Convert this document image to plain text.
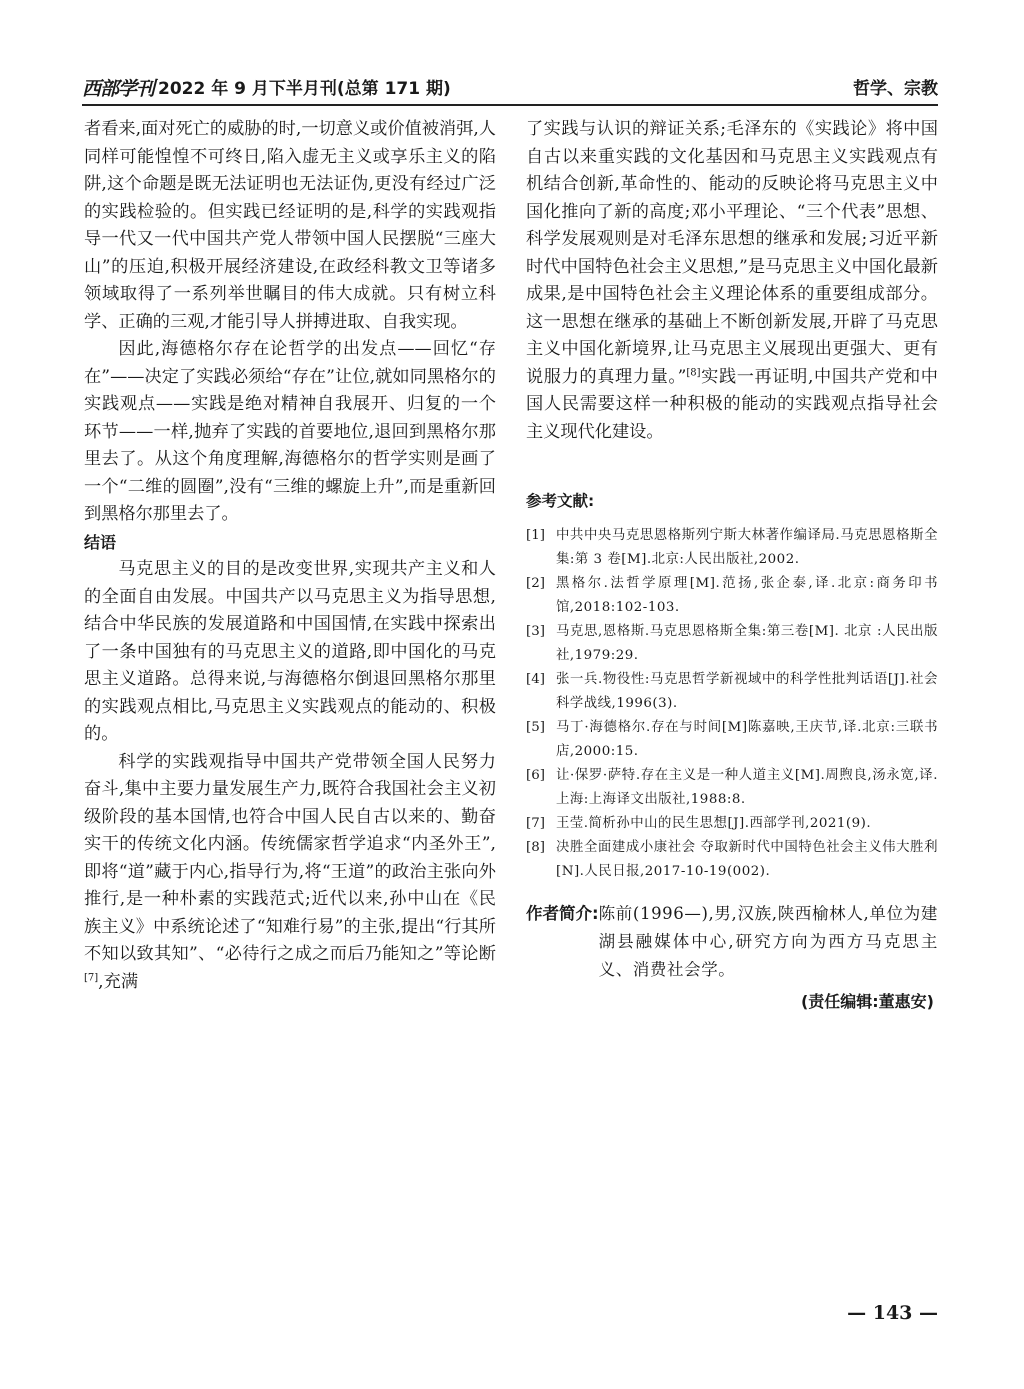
西部学刊 2022 年 9 月下半月刊(总第 171 期)	哲学、宗教

者看来,面对死亡的威胁的时,一切意义或价值被消弭,人同样可能惶惶不可终日,陷入虚无主义或享乐主义的陷阱,这个命题是既无法证明也无法证伪,更没有经过广泛的实践检验的。但实践已经证明的是,科学的实践观指导一代又一代中国共产党人带领中国人民摆脱“三座大山”的压迫,积极开展经济建设,在政经科教文卫等诸多领域取得了一系列举世瞩目的伟大成就。只有树立科学、正确的三观,才能引导人拼搏进取、自我实现。

因此,海德格尔存在论哲学的出发点——回忆“存在”——决定了实践必须给“存在”让位,就如同黑格尔的实践观点——实践是绝对精神自我展开、归复的一个环节——一样,抛弃了实践的首要地位,退回到黑格尔那里去了。从这个角度理解,海德格尔的哲学实则是画了一个“二维的圆圈”,没有“三维的螺旋上升”,而是重新回到黑格尔那里去了。

结语

马克思主义的目的是改变世界,实现共产主义和人的全面自由发展。中国共产以马克思主义为指导思想,结合中华民族的发展道路和中国国情,在实践中探索出了一条中国独有的马克思主义的道路,即中国化的马克思主义道路。总得来说,与海德格尔倒退回黑格尔那里的实践观点相比,马克思主义实践观点的能动的、积极的。

科学的实践观指导中国共产党带领全国人民努力奋斗,集中主要力量发展生产力,既符合我国社会主义初级阶段的基本国情,也符合中国人民自古以来的、勤奋实干的传统文化内涵。传统儒家哲学追求“内圣外王”,即将“道”藏于内心,指导行为,将“王道”的政治主张向外推行,是一种朴素的实践范式;近代以来,孙中山在《民族主义》中系统论述了“知难行易”的主张,提出“行其所不知以致其知”、“必待行之成之而后乃能知之”等论断[7],充满

了实践与认识的辩证关系;毛泽东的《实践论》将中国自古以来重实践的文化基因和马克思主义实践观点有机结合创新,革命性的、能动的反映论将马克思主义中国化推向了新的高度;邓小平理论、“三个代表”思想、科学发展观则是对毛泽东思想的继承和发展;习近平新时代中国特色社会主义思想,”是马克思主义中国化最新成果,是中国特色社会主义理论体系的重要组成部分。这一思想在继承的基础上不断创新发展,开辟了马克思主义中国化新境界,让马克思主义展现出更强大、更有说服力的真理力量。”[8]实践一再证明,中国共产党和中国人民需要这样一种积极的能动的实践观点指导社会主义现代化建设。

参考文献:
[1] 中共中央马克思恩格斯列宁斯大林著作编译局.马克思恩格斯全集:第 3 卷[M].北京:人民出版社,2002.
[2] 黑格尔.法哲学原理[M].范扬,张企泰,译.北京:商务印书馆,2018:102-103.
[3] 马克思,恩格斯.马克思恩格斯全集:第三卷[M]. 北京 :人民出版社,1979:29.
[4] 张一兵.物役性:马克思哲学新视域中的科学性批判话语[J].社会科学战线,1996(3).
[5] 马丁·海德格尔.存在与时间[M]陈嘉映,王庆节,译.北京:三联书店,2000:15.
[6] 让·保罗·萨特.存在主义是一种人道主义[M].周煦良,汤永宽,译.上海:上海译文出版社,1988:8.
[7] 王莹.简析孙中山的民生思想[J].西部学刊,2021(9).
[8] 决胜全面建成小康社会 夺取新时代中国特色社会主义伟大胜利[N].人民日报,2017-10-19(002).
作者简介: 陈前(1996—),男,汉族,陕西榆林人,单位为建湖县融媒体中心,研究方向为西方马克思主义、消费社会学。
(责任编辑:董惠安)
— 143 —
